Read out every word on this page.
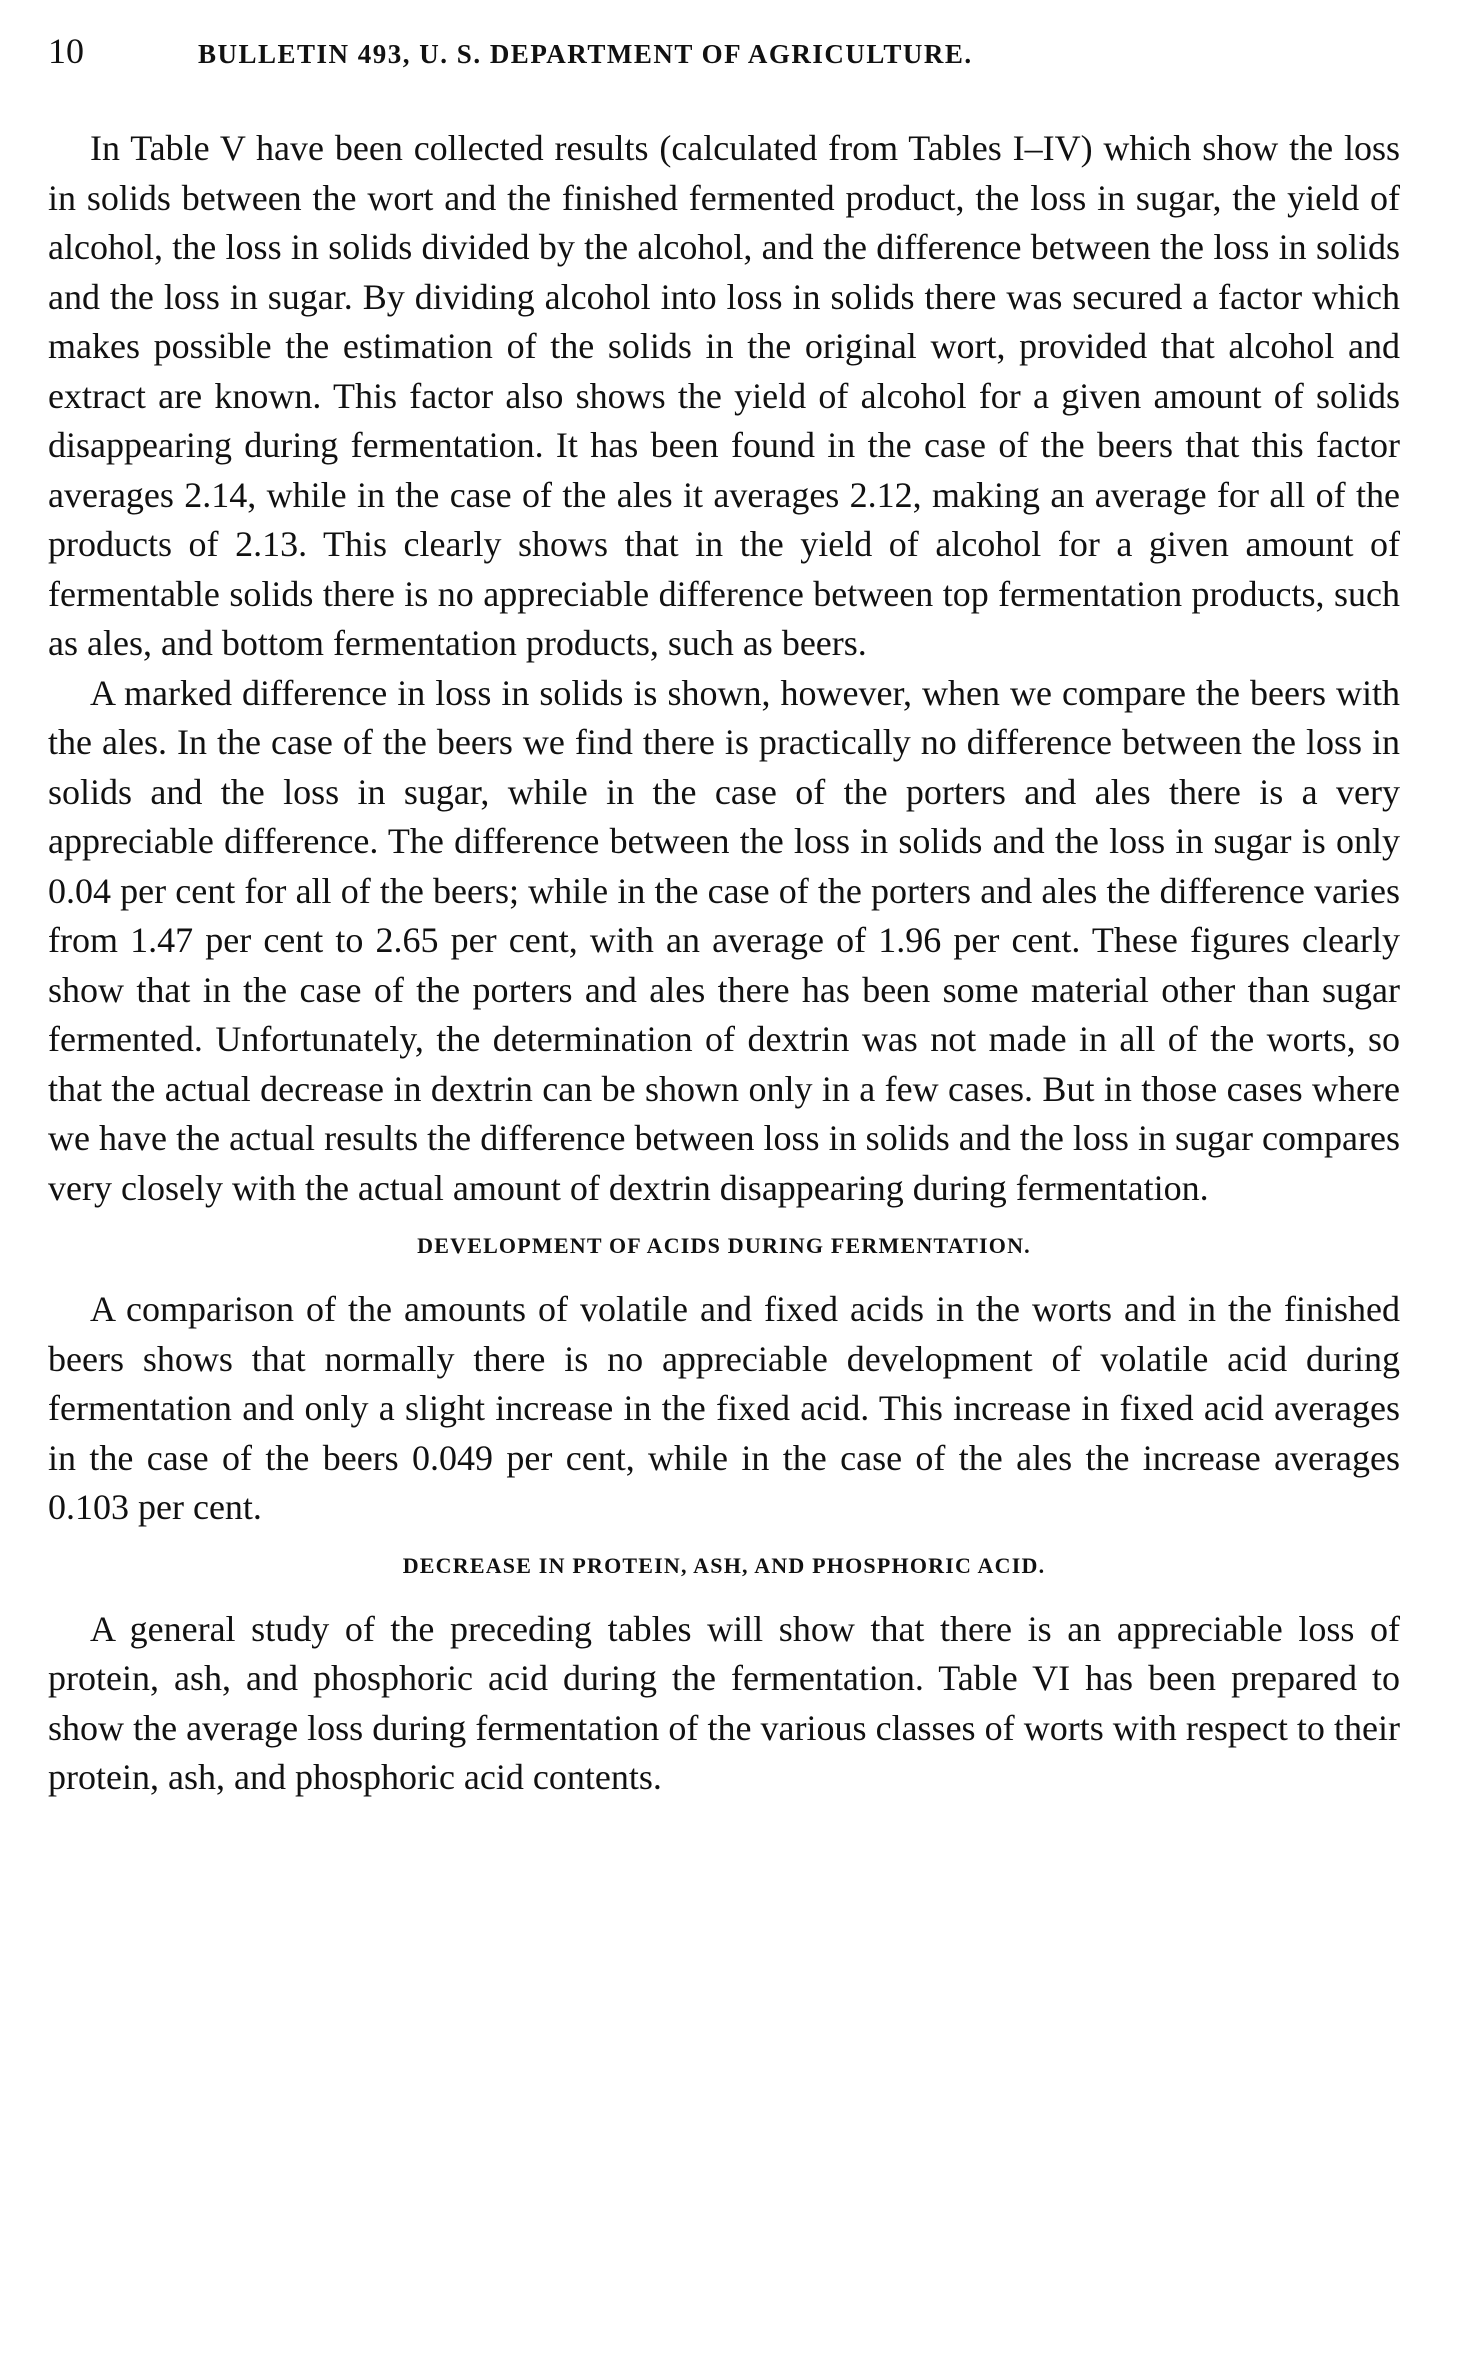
10	BULLETIN 493, U. S. DEPARTMENT OF AGRICULTURE.

In Table V have been collected results (calculated from Tables I–IV) which show the loss in solids between the wort and the finished fermented product, the loss in sugar, the yield of alcohol, the loss in solids divided by the alcohol, and the difference between the loss in solids and the loss in sugar. By dividing alcohol into loss in solids there was secured a factor which makes possible the estimation of the solids in the original wort, provided that alcohol and extract are known. This factor also shows the yield of alcohol for a given amount of solids disappearing during fermentation. It has been found in the case of the beers that this factor averages 2.14, while in the case of the ales it averages 2.12, making an average for all of the products of 2.13. This clearly shows that in the yield of alcohol for a given amount of fermentable solids there is no appreciable difference between top fermentation products, such as ales, and bottom fermentation products, such as beers.

A marked difference in loss in solids is shown, however, when we compare the beers with the ales. In the case of the beers we find there is practically no difference between the loss in solids and the loss in sugar, while in the case of the porters and ales there is a very appreciable difference. The difference between the loss in solids and the loss in sugar is only 0.04 per cent for all of the beers; while in the case of the porters and ales the difference varies from 1.47 per cent to 2.65 per cent, with an average of 1.96 per cent. These figures clearly show that in the case of the porters and ales there has been some material other than sugar fermented. Unfortunately, the determination of dextrin was not made in all of the worts, so that the actual decrease in dextrin can be shown only in a few cases. But in those cases where we have the actual results the difference between loss in solids and the loss in sugar compares very closely with the actual amount of dextrin disappearing during fermentation.

DEVELOPMENT OF ACIDS DURING FERMENTATION.

A comparison of the amounts of volatile and fixed acids in the worts and in the finished beers shows that normally there is no appreciable development of volatile acid during fermentation and only a slight increase in the fixed acid. This increase in fixed acid averages in the case of the beers 0.049 per cent, while in the case of the ales the increase averages 0.103 per cent.

DECREASE IN PROTEIN, ASH, AND PHOSPHORIC ACID.

A general study of the preceding tables will show that there is an appreciable loss of protein, ash, and phosphoric acid during the fermentation. Table VI has been prepared to show the average loss during fermentation of the various classes of worts with respect to their protein, ash, and phosphoric acid contents.
